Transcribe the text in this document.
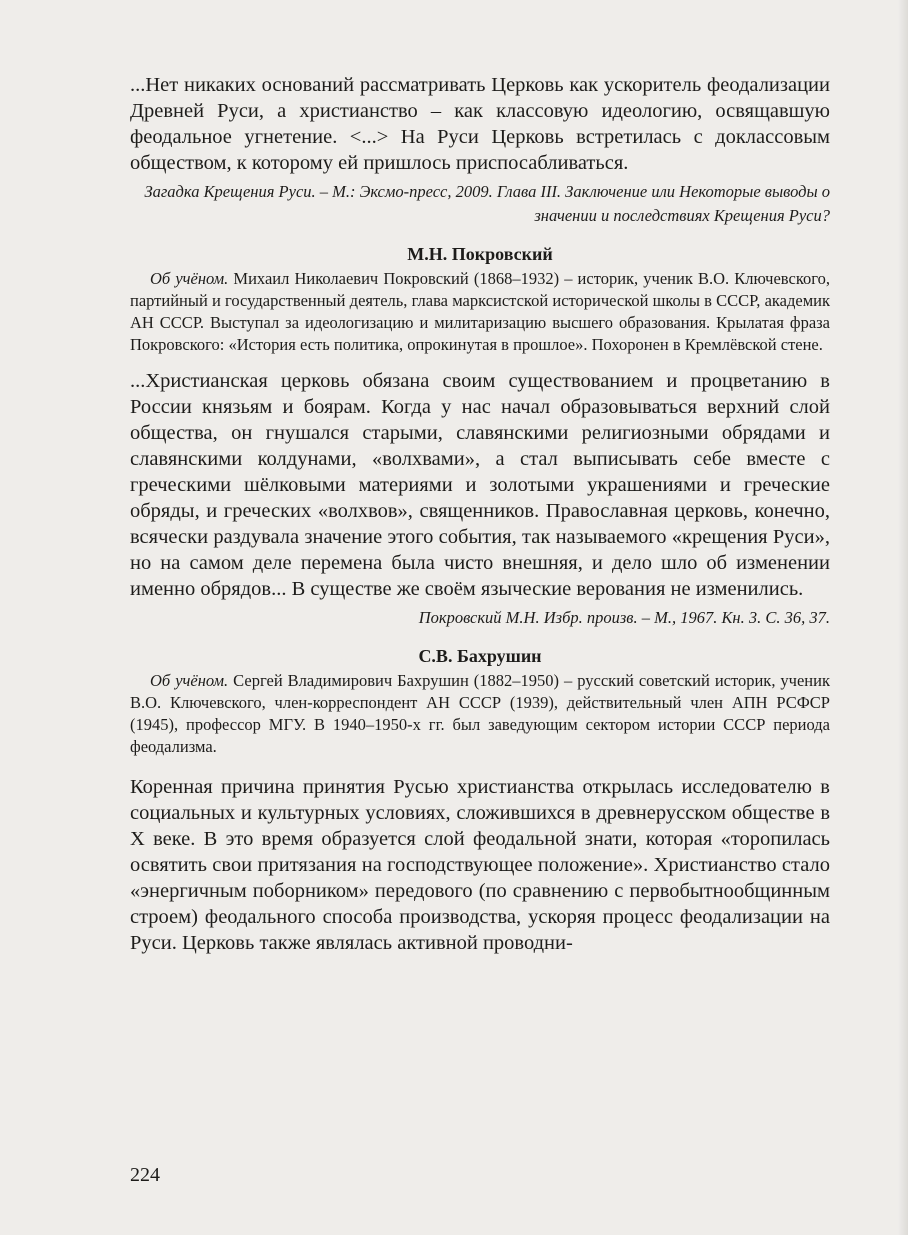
...Нет никаких оснований рассматривать Церковь как ускоритель феодализации Древней Руси, а христианство – как классовую идеологию, освящавшую феодальное угнетение. <...> На Руси Церковь встретилась с доклассовым обществом, к которому ей пришлось приспосабливаться.

Загадка Крещения Руси. – М.: Эксмо-пресс, 2009. Глава III. Заключение или Некоторые выводы о значении и последствиях Крещения Руси?

М.Н. Покровский

Об учёном. Михаил Николаевич Покровский (1868–1932) – историк, ученик В.О. Ключевского, партийный и государственный деятель, глава марксистской исторической школы в СССР, академик АН СССР. Выступал за идеологизацию и милитаризацию высшего образования. Крылатая фраза Покровского: «История есть политика, опрокинутая в прошлое». Похоронен в Кремлёвской стене.

...Христианская церковь обязана своим существованием и процветанию в России князьям и боярам. Когда у нас начал образовываться верхний слой общества, он гнушался старыми, славянскими религиозными обрядами и славянскими колдунами, «волхвами», а стал выписывать себе вместе с греческими шёлковыми материями и золотыми украшениями и греческие обряды, и греческих «волхвов», священников. Православная церковь, конечно, всячески раздувала значение этого события, так называемого «крещения Руси», но на самом деле перемена была чисто внешняя, и дело шло об изменении именно обрядов... В существе же своём языческие верования не изменились.

Покровский М.Н. Избр. произв. – М., 1967. Кн. 3. С. 36, 37.

С.В. Бахрушин

Об учёном. Сергей Владимирович Бахрушин (1882–1950) – русский советский историк, ученик В.О. Ключевского, член-корреспондент АН СССР (1939), действительный член АПН РСФСР (1945), профессор МГУ. В 1940–1950-х гг. был заведующим сектором истории СССР периода феодализма.

Коренная причина принятия Русью христианства открылась исследователю в социальных и культурных условиях, сложившихся в древнерусском обществе в X веке. В это время образуется слой феодальной знати, которая «торопилась освятить свои притязания на господствующее положение». Христианство стало «энергичным поборником» передового (по сравнению с первобытнообщинным строем) феодального способа производства, ускоряя процесс феодализации на Руси. Церковь также являлась активной проводни-

224
